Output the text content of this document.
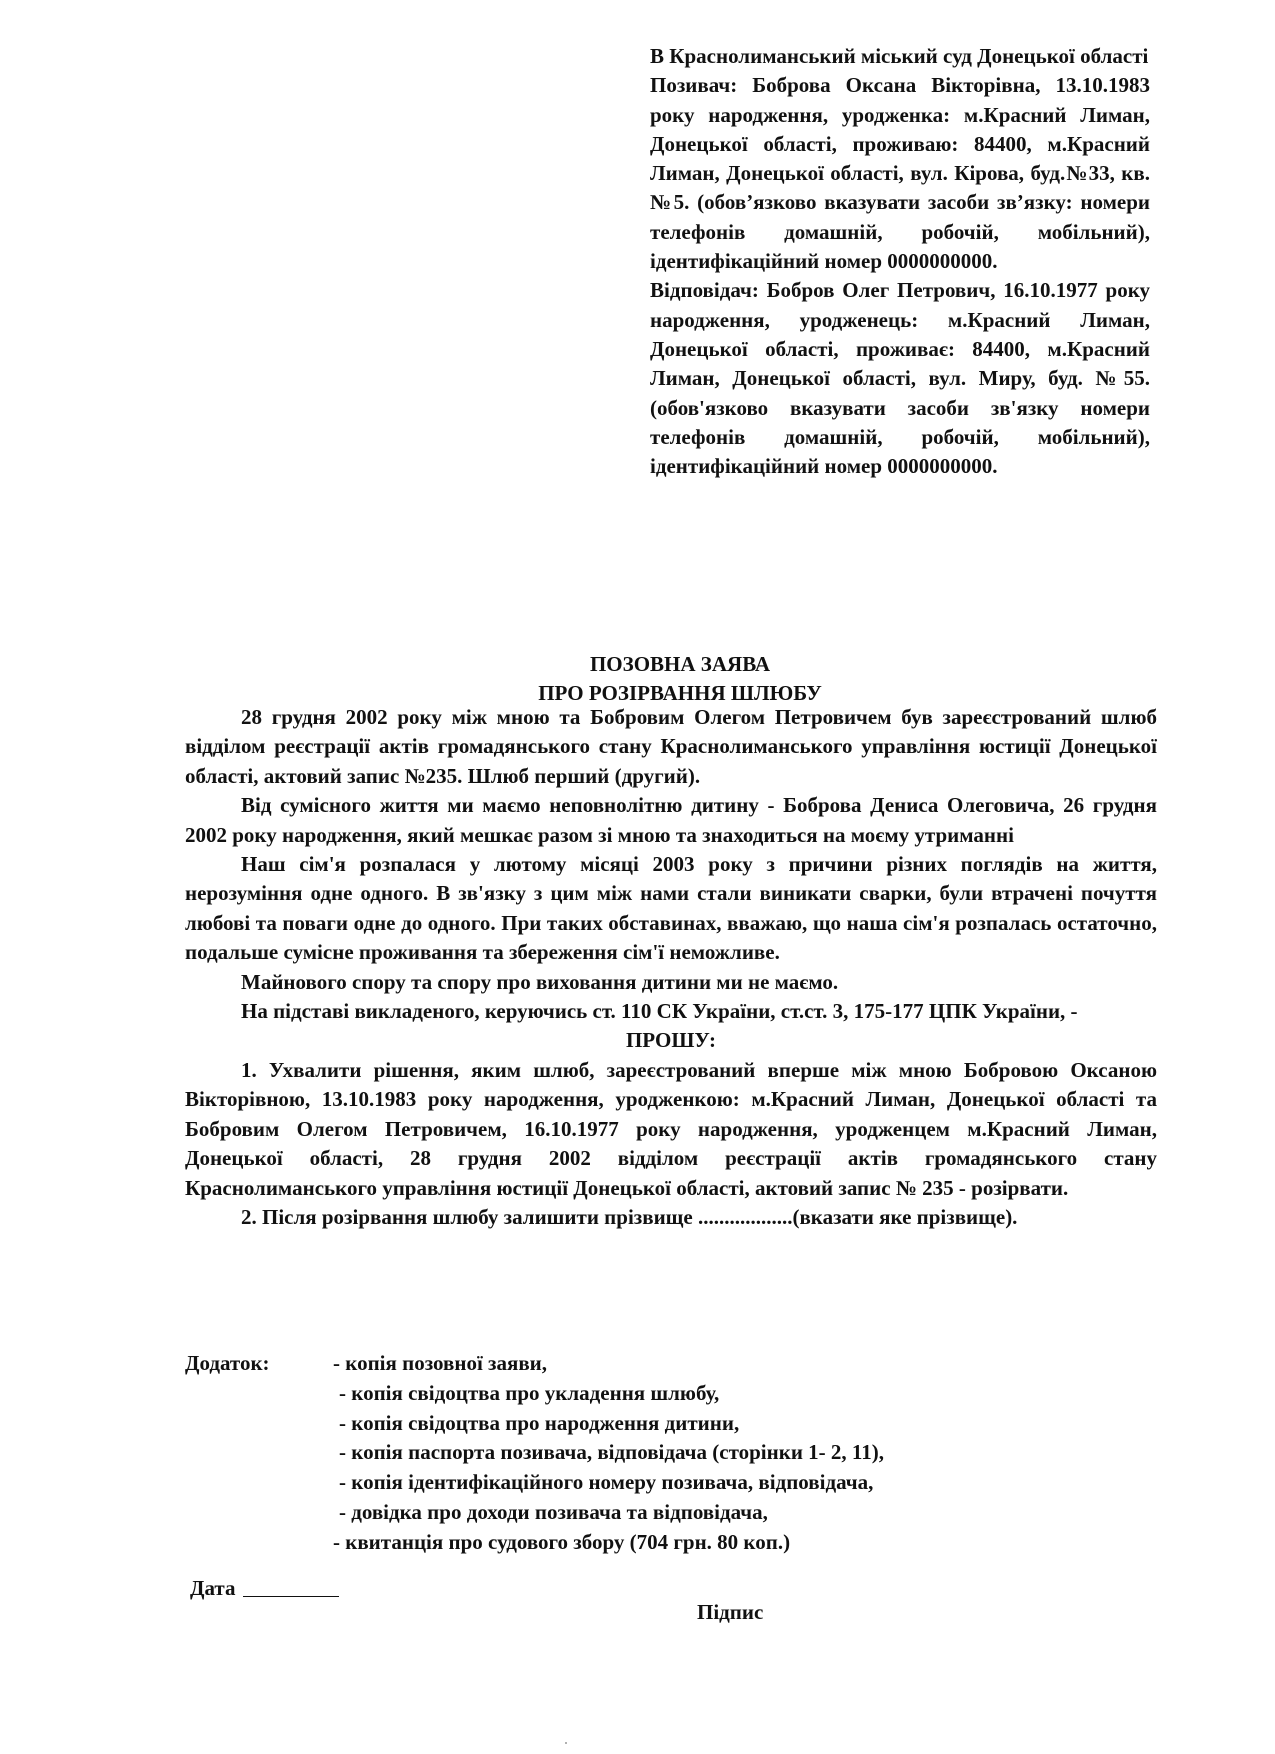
В Краснолиманський міський суд Донецької області

Позивач: Боброва Оксана Вікторівна, 13.10.1983 року народження, уродженка: м.Красний Лиман, Донецької області, проживаю: 84400, м.Красний Лиман, Донецької області, вул. Кірова, буд.№33, кв.№5. (обов’язково вказувати засоби зв’язку: номери телефонів домашній, робочій, мобільний), ідентифікаційний номер 0000000000.

Відповідач: Бобров Олег Петрович, 16.10.1977 року народження, уродженець: м.Красний Лиман, Донецької області, проживає: 84400, м.Красний Лиман, Донецької області, вул. Миру, буд. №55. (обов'язково вказувати засоби зв'язку номери телефонів домашній, робочій, мобільний), ідентифікаційний номер 0000000000.

ПОЗОВНА ЗАЯВА
ПРО РОЗІРВАННЯ ШЛЮБУ

28 грудня 2002 року між мною та Бобровим Олегом Петровичем був зареєстрований шлюб відділом реєстрації актів громадянського стану Краснолиманського управління юстиції Донецької області, актовий запис №235. Шлюб перший (другий).

Від сумісного життя ми маємо неповнолітню дитину - Боброва Дениса Олеговича, 26 грудня 2002 року народження, який мешкає разом зі мною та знаходиться на моєму утриманні

Наш сім'я розпалася у лютому місяці 2003 року з причини різних поглядів на життя, нерозуміння одне одного. В зв'язку з цим між нами стали виникати сварки, були втрачені почуття любові та поваги одне до одного. При таких обставинах, вважаю, що наша сім'я розпалась остаточно, подальше сумісне проживання та збереження сім'ї неможливе.

Майнового спору та спору про виховання дитини ми не маємо.

На підставі викладеного, керуючись ст. 110 СК України, ст.ст. 3, 175-177 ЦПК України, -

ПРОШУ:

1. Ухвалити рішення, яким шлюб, зареєстрований вперше між мною Бобровою Оксаною Вікторівною, 13.10.1983 року народження, уродженкою: м.Красний Лиман, Донецької області та Бобровим Олегом Петровичем, 16.10.1977 року народження, уродженцем м.Красний Лиман, Донецької області, 28 грудня 2002 відділом реєстрації актів громадянського стану Краснолиманського управління юстиції Донецької області, актовий запис № 235 - розірвати.

2. Після розірвання шлюбу залишити прізвище ..................(вказати яке прізвище).

Додаток:	- копія позовної заяви,
- копія свідоцтва про укладення шлюбу,
- копія свідоцтва про народження дитини,
- копія паспорта позивача, відповідача (сторінки 1- 2, 11),
- копія ідентифікаційного номеру позивача, відповідача,
- довідка про доходи позивача та відповідача,
- квитанція про судового збору (704 грн. 80 коп.)
Дата
Підпис
